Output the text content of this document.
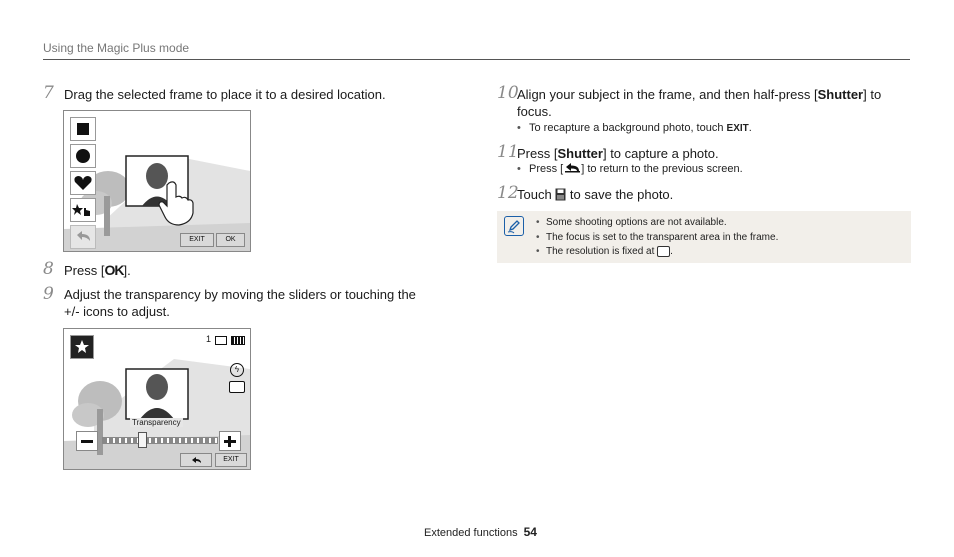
Using the Magic Plus mode
7 Drag the selected frame to place it to a desired location.
EXIT	OK
8 Press [OK].
9 Adjust the transparency by moving the sliders or touching the
+/- icons to adjust.
1
ϟ
Transparency
EXIT
10
Align your subject in the frame, and then half-press [Shutter] to
focus.
• To recapture a background photo, touch EXIT.
11
Press [Shutter] to capture a photo.
• Press [ ] to return to the previous screen.
12
Touch  to save the photo.
• Some shooting options are not available.
• The focus is set to the transparent area in the frame.
• The resolution is fixed at .
Extended functions 54
